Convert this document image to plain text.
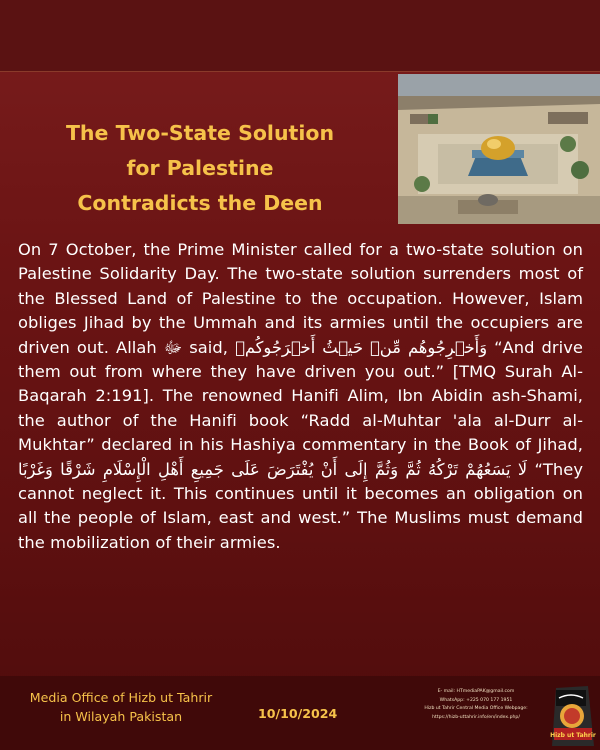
The Two-State Solution
for Palestine
Contradicts the Deen
On 7 October, the Prime Minister called for a two-state solution on Palestine Solidarity Day. The two-state solution surrenders most of the Blessed Land of Palestine to the occupation. However, Islam obliges Jihad by the Ummah and its armies until the occupiers are driven out. Allah ﷻ said, وَأَخۡرِجُوهُم مِّنۡ حَيۡثُ أَخۡرَجُوكُمۡ “And drive them out from where they have driven you out.” [TMQ Surah Al-Baqarah 2:191]. The renowned Hanifi Alim, Ibn Abidin ash-Shami, the author of the Hanifi book “Radd al-Muhtar 'ala al-Durr al-Mukhtar” declared in his Hashiya commentary in the Book of Jihad, لَا يَسَعُهُمْ تَرْكُهُ ثُمَّ وَثُمَّ إِلَى أَنْ يُفْتَرَضَ عَلَى جَمِيعِ أَهْلِ الْإِسْلَامِ شَرْقًا وَغَرْبًا “They cannot neglect it. This continues until it becomes an obligation on all the people of Islam, east and west.” The Muslims must demand the mobilization of their armies.
Media Office of Hizb ut Tahrir
in Wilayah Pakistan	10/10/2024
E- mail: HTmediaPAK@gmail.com
WhatsApp: +225 070 177 1951
Hizb ut Tahrir Central Media Office Webpage:
https://hizb-uttahrir.info/en/index.php/
Hizb ut Tahrir
